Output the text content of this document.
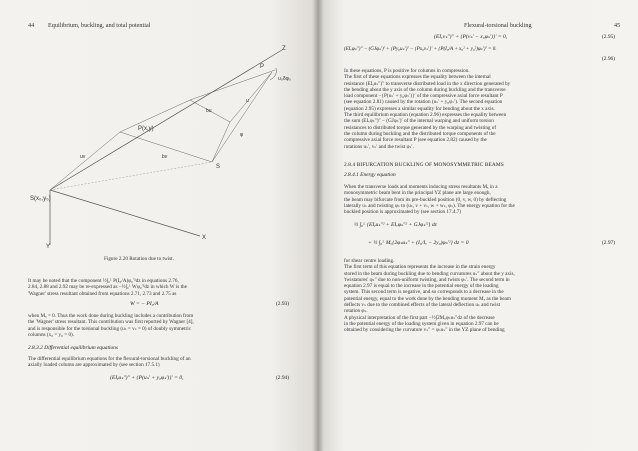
44 Equilibrium, buckling, and total potential
Z
X
Y
P
u₀δφ₀
P(x,y)
S
S(x₀,y₀)
bu
bv
uv
φ
u
Figure 2.20 Rotation due to twist.
It may be noted that the component ½∫₀ᴸ P(I₀/A)φ₀′²dz in equations 2.76,
2.84, 2.88 and 2.92 may be re-expressed as −½∫₀ᴸ Wφ₀′²dz in which W is the
'Wagner' stress resultant obtained from equations 2.71, 2.73 and 2.75 as
W = − PI₀/A	(2.93)
when Mₓ = 0. Thus the work done during buckling includes a contribution from
the 'Wagner' stress resultant. This contribution was first reported by Wagner [4],
and is responsible for the torsional buckling (uₛ = vₛ = 0) of doubly symmetric
columns (x₀ = y₀ = 0).
2.8.3.2 Differential equilibrium equations
The differential equilibrium equations for the flexural-torsional buckling of an
axially loaded column are approximated by (see section 17.5.1)
(EIᵧuₛ″)″ + {P(uₛ′ + y₀φₛ′)}′ = 0,	(2.94)
Flexural-torsional buckling	45
(EIₓvₛ″)″ + {P(vₛ′ − x₀φₛ′)}′ = 0,	(2.95)
(EIᵥφₛ″)″ − (GJφₛ′)′ + {Py₀uₛ′}′ − {Px₀vₛ′}′ + {P(I₀/A + x₀² + y₀²)φₛ′}′ = 0.
(2.96)
In these equations, P is positive for columns in compression.
The first of these equations expresses the equality between the internal
resistance (EIᵧuₛ″)″ to transverse distributed load in the x direction generated by
the bending about the y axis of the column during buckling and the transverse
load component −{P(uₛ′ + y₀φₛ′)}′ of the compressive axial force resultant P
(see equation 2.81) caused by the rotation (uₛ′ + y₀φₛ′). The second equation
(equation 2.95) expresses a similar equality for bending about the x axis.
The third equilibrium equation (equation 2.96) expresses the equality between
the sum (EIᵥφₛ″)″ − (GJφₛ′)′ of the internal warping and uniform torsion
resistances to distributed torque generated by the warping and twisting of
the column during buckling and the distributed torque components of the
compressive axial force resultant P (see equation 2.82) caused by the
rotations uₛ′, vₛ′ and the twist φₛ′.
2.8.4 BIFURCATION BUCKLING OF MONOSYMMETRIC BEAMS
2.8.4.1 Energy equation
When the transverse loads and moments inducing stress resultants Mₓ in a
monosymmetric beam bent in the principal YZ plane are large enough,
the beam may bifurcate from its pre-buckled position (0, v, w, 0) by deflecting
laterally uₛ and twisting φₛ to (uₛ, v + vₛ, w + wₛ, φₛ). The energy equation for the
buckled position is approximated by (see section 17.4.7)
½ ∫₀ᴸ {EIᵧuₛ″² + EIᵥφₛ″² + GJφₛ′²} dz
+ ½ ∫₀ᴸ Mₓ{2φₛuₛ″ + (I₀/Iₓ − 2y₀)φₛ′²} dz = 0	(2.97)
for shear centre loading.
The first term of this equation represents the increase in the strain energy
stored in the beam during buckling due to bending curvatures uₛ″ about the y axis,
'twistatures' φₛ″ due to non-uniform twisting, and twists φₛ′. The second term in
equation 2.97 is equal to the increase in the potential energy of the loading
system. This second term is negative, and so corresponds to a decrease in the
potential energy, equal to the work done by the bending moment Mₓ as the beam
deflects vₛ due to the combined effects of the lateral deflection uₛ and twist
rotation φₛ.
A physical interpretation of the first part −½∫2Mₓφₛuₛ″dz of the decrease
in the potential energy of the loading system given in equation 2.97 can be
obtained by considering the curvature vₛ″ = φₛuₛ″ in the YZ plane of bending
